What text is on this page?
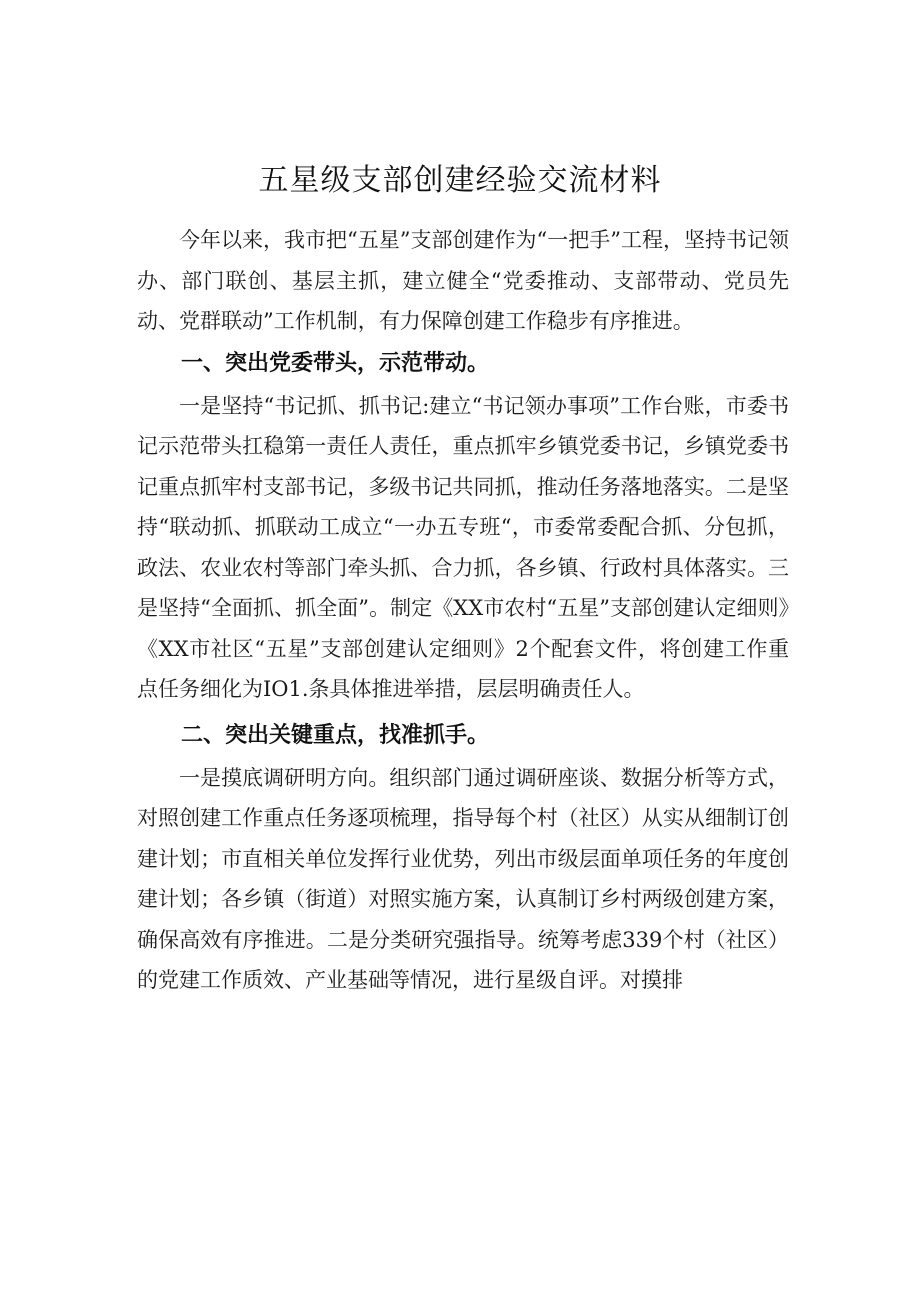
五星级支部创建经验交流材料

今年以来，我市把“五星”支部创建作为“一把手”工程，坚持书记领办、部门联创、基层主抓，建立健全“党委推动、支部带动、党员先动、党群联动”工作机制，有力保障创建工作稳步有序推进。

一、突出党委带头，示范带动。

一是坚持“书记抓、抓书记:建立“书记领办事项”工作台账，市委书记示范带头扛稳第一责任人责任，重点抓牢乡镇党委书记，乡镇党委书记重点抓牢村支部书记，多级书记共同抓，推动任务落地落实。二是坚持“联动抓、抓联动工成立“一办五专班“，市委常委配合抓、分包抓，政法、农业农村等部门牵头抓、合力抓，各乡镇、行政村具体落实。三是坚持“全面抓、抓全面”。制定《XX市农村“五星”支部创建认定细则》《XX市社区“五星”支部创建认定细则》2个配套文件，将创建工作重点任务细化为IO1.条具体推进举措，层层明确责任人。

二、突出关键重点，找准抓手。

一是摸底调研明方向。组织部门通过调研座谈、数据分析等方式，对照创建工作重点任务逐项梳理，指导每个村（社区）从实从细制订创建计划；市直相关单位发挥行业优势，列出市级层面单项任务的年度创建计划；各乡镇（街道）对照实施方案，认真制订乡村两级创建方案，确保高效有序推进。二是分类研究强指导。统筹考虑339个村（社区）的党建工作质效、产业基础等情况，进行星级自评。对摸排
